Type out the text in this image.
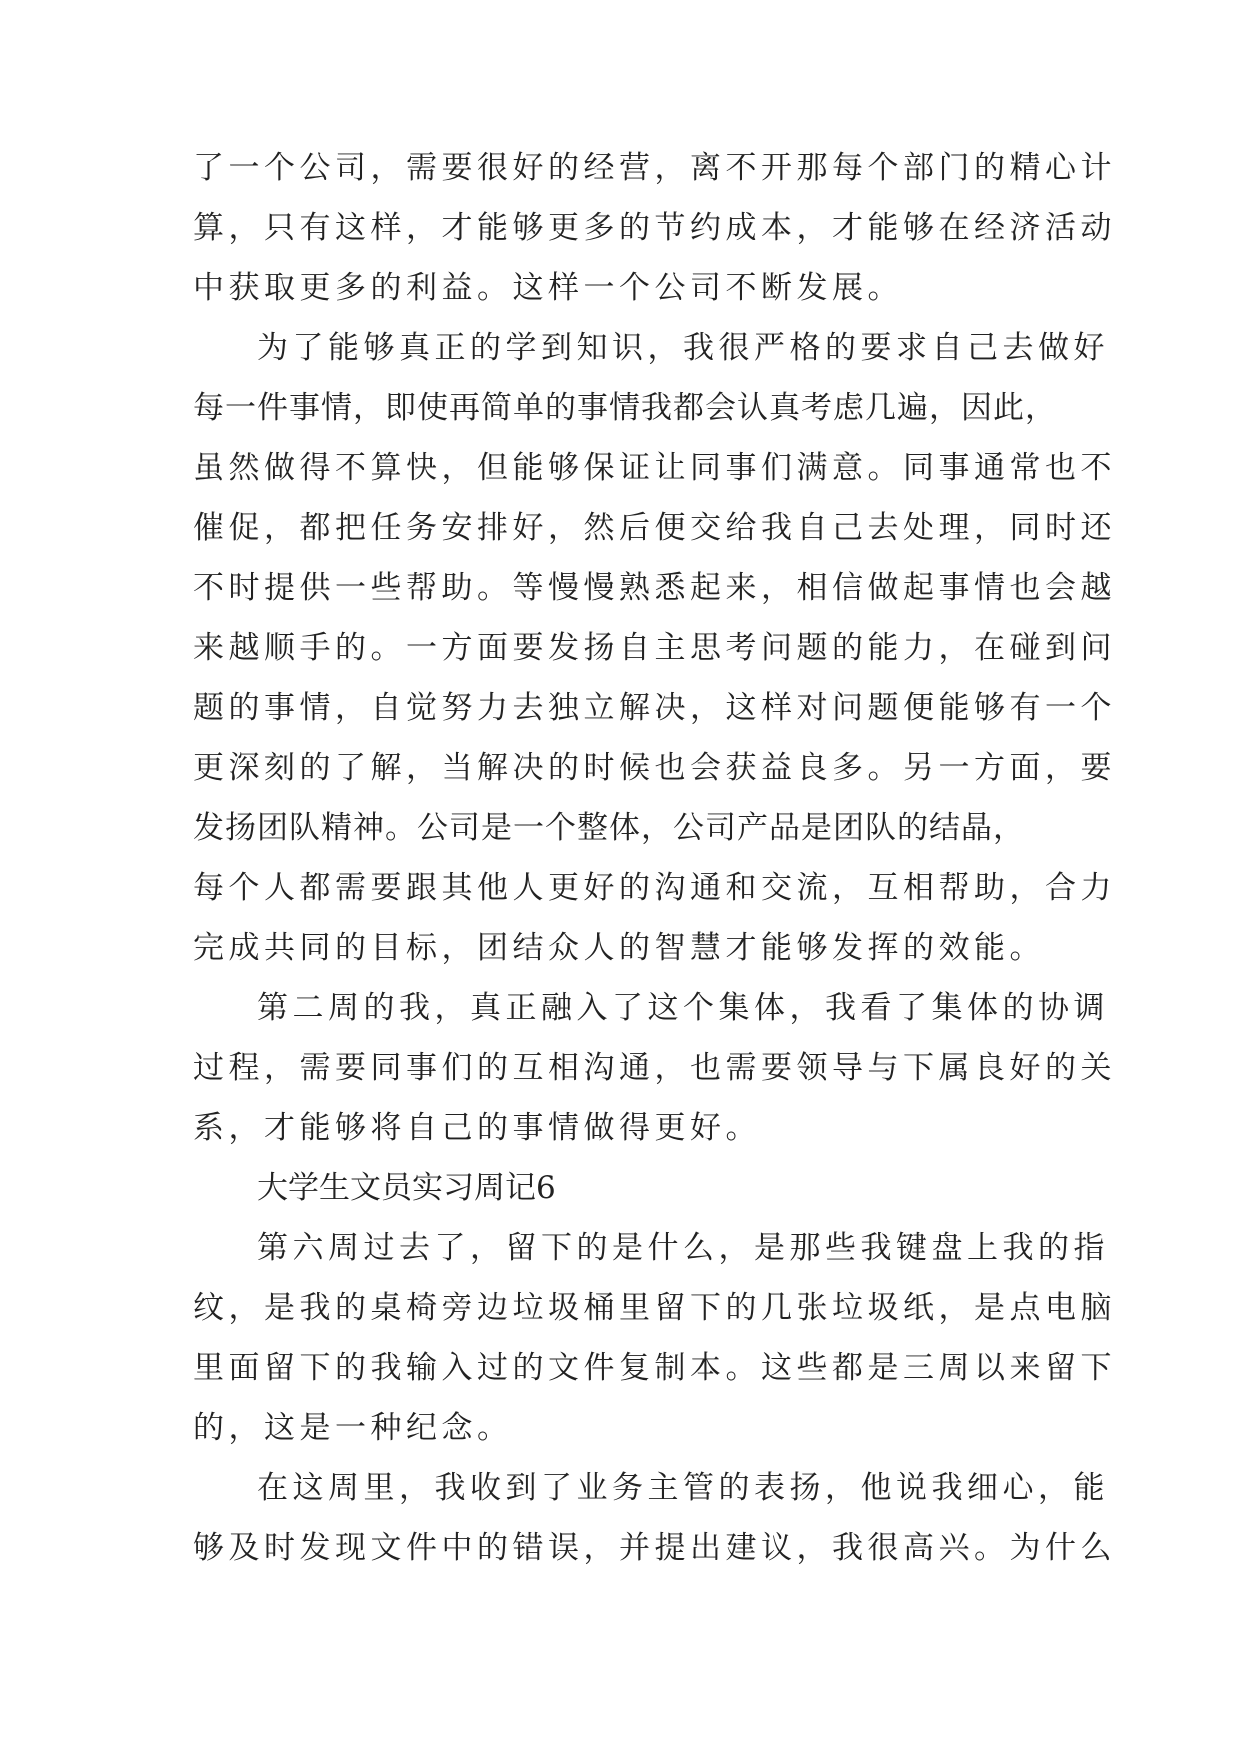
了一个公司，需要很好的经营，离不开那每个部门的精心计
算，只有这样，才能够更多的节约成本，才能够在经济活动
中获取更多的利益。这样一个公司不断发展。
为了能够真正的学到知识，我很严格的要求自己去做好
每一件事情，即使再简单的事情我都会认真考虑几遍，因此，
虽然做得不算快，但能够保证让同事们满意。同事通常也不
催促，都把任务安排好，然后便交给我自己去处理，同时还
不时提供一些帮助。等慢慢熟悉起来，相信做起事情也会越
来越顺手的。一方面要发扬自主思考问题的能力，在碰到问
题的事情，自觉努力去独立解决，这样对问题便能够有一个
更深刻的了解，当解决的时候也会获益良多。另一方面，要
发扬团队精神。公司是一个整体，公司产品是团队的结晶，
每个人都需要跟其他人更好的沟通和交流，互相帮助，合力
完成共同的目标，团结众人的智慧才能够发挥的效能。
第二周的我，真正融入了这个集体，我看了集体的协调
过程，需要同事们的互相沟通，也需要领导与下属良好的关
系，才能够将自己的事情做得更好。
大学生文员实习周记6
第六周过去了，留下的是什么，是那些我键盘上我的指
纹，是我的桌椅旁边垃圾桶里留下的几张垃圾纸，是点电脑
里面留下的我输入过的文件复制本。这些都是三周以来留下
的，这是一种纪念。
在这周里，我收到了业务主管的表扬，他说我细心，能
够及时发现文件中的错误，并提出建议，我很高兴。为什么
